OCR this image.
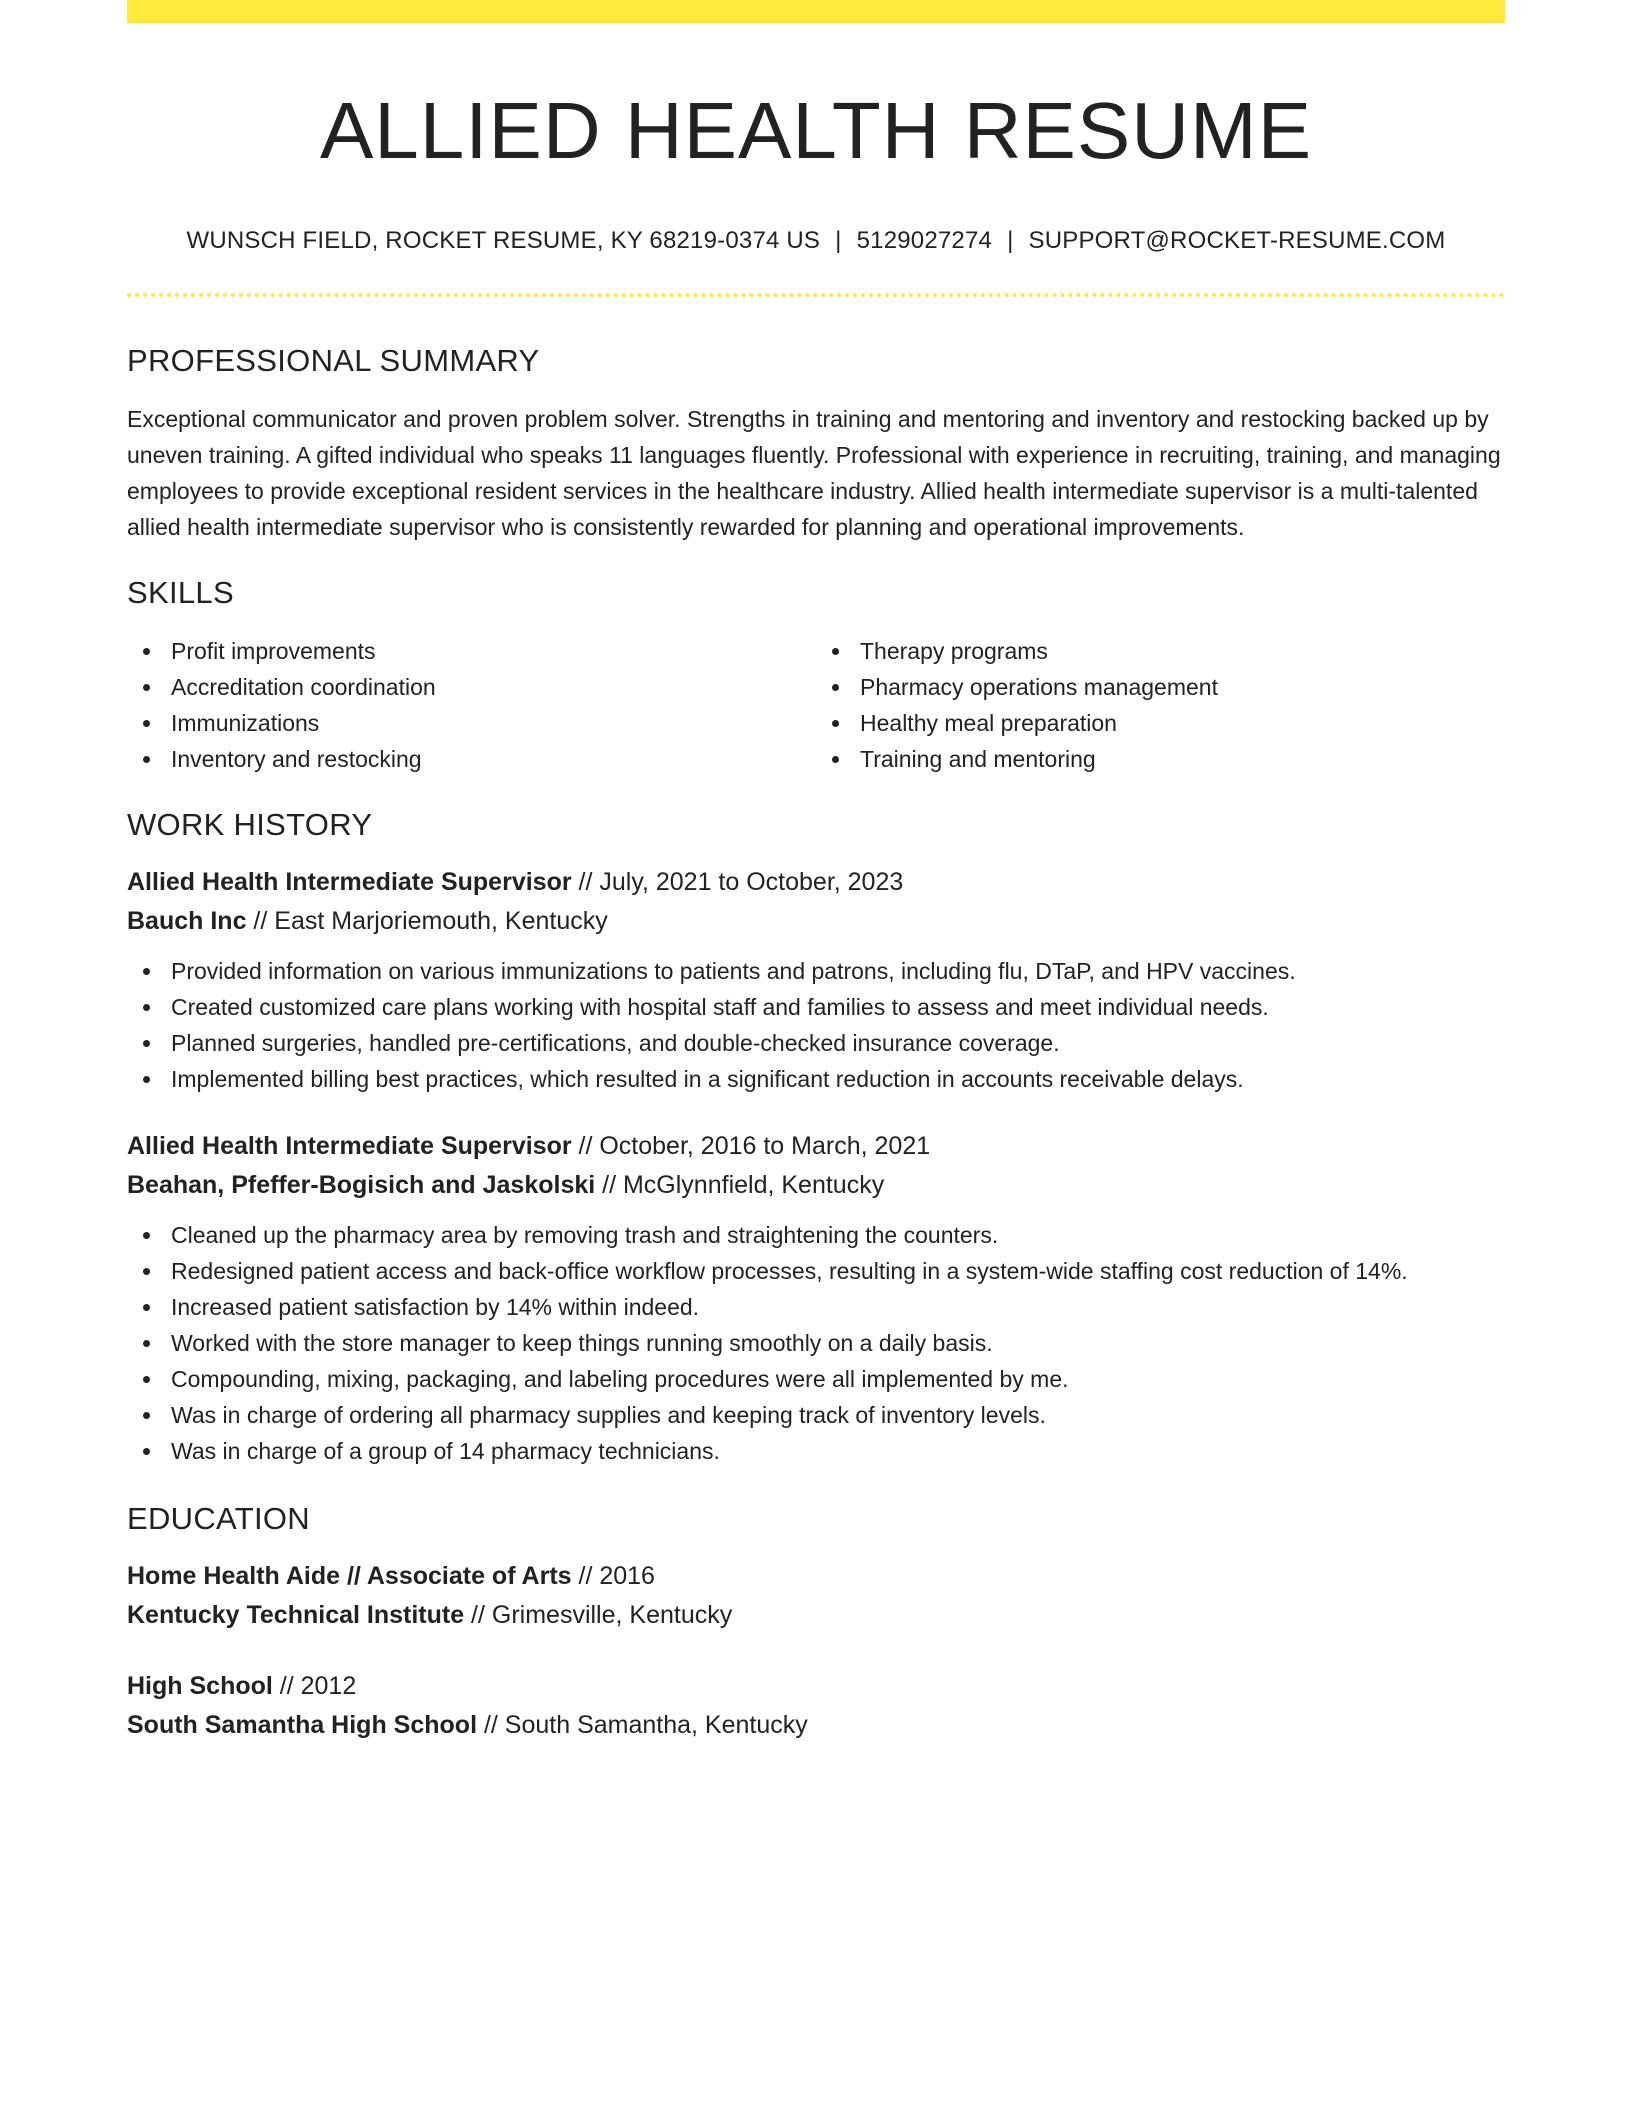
ALLIED HEALTH RESUME
WUNSCH FIELD, ROCKET RESUME, KY 68219-0374 US | 5129027274 | SUPPORT@ROCKET-RESUME.COM
PROFESSIONAL SUMMARY

Exceptional communicator and proven problem solver. Strengths in training and mentoring and inventory and restocking backed up by uneven training. A gifted individual who speaks 11 languages fluently. Professional with experience in recruiting, training, and managing employees to provide exceptional resident services in the healthcare industry. Allied health intermediate supervisor is a multi-talented allied health intermediate supervisor who is consistently rewarded for planning and operational improvements.

SKILLS
Profit improvements
Accreditation coordination
Immunizations
Inventory and restocking
Therapy programs
Pharmacy operations management
Healthy meal preparation
Training and mentoring
WORK HISTORY
Allied Health Intermediate Supervisor // July, 2021 to October, 2023
Bauch Inc // East Marjoriemouth, Kentucky
Provided information on various immunizations to patients and patrons, including flu, DTaP, and HPV vaccines.
Created customized care plans working with hospital staff and families to assess and meet individual needs.
Planned surgeries, handled pre-certifications, and double-checked insurance coverage.
Implemented billing best practices, which resulted in a significant reduction in accounts receivable delays.
Allied Health Intermediate Supervisor // October, 2016 to March, 2021
Beahan, Pfeffer-Bogisich and Jaskolski // McGlynnfield, Kentucky
Cleaned up the pharmacy area by removing trash and straightening the counters.
Redesigned patient access and back-office workflow processes, resulting in a system-wide staffing cost reduction of 14%.
Increased patient satisfaction by 14% within indeed.
Worked with the store manager to keep things running smoothly on a daily basis.
Compounding, mixing, packaging, and labeling procedures were all implemented by me.
Was in charge of ordering all pharmacy supplies and keeping track of inventory levels.
Was in charge of a group of 14 pharmacy technicians.
EDUCATION
Home Health Aide // Associate of Arts // 2016
Kentucky Technical Institute // Grimesville, Kentucky
High School // 2012
South Samantha High School // South Samantha, Kentucky
